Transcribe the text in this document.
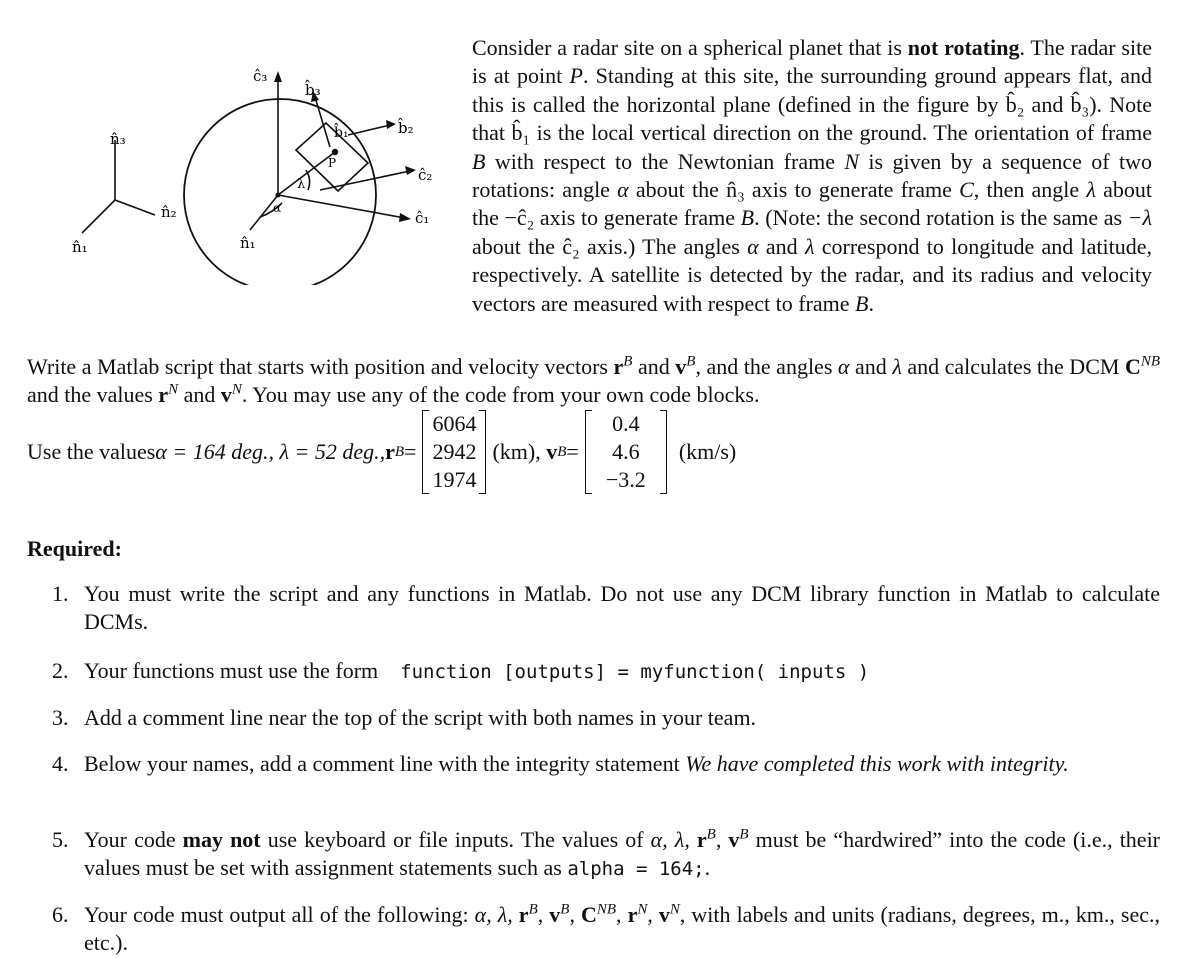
n̂₃
n̂₂
n̂₁
ĉ₃
b̂₃
b̂₁	b̂₂
ĉ₂
ĉ₁
P
α
λ
n̂₁
Consider a radar site on a spherical planet that is not rotating. The radar site is at point P. Standing at this site, the surrounding ground appears flat, and this is called the horizontal plane (defined in the figure by b̂₂ and b̂₃). Note that b̂₁ is the local vertical direction on the ground. The orientation of frame B with respect to the Newtonian frame N is given by a sequence of two rotations: angle α about the n̂₃ axis to generate frame C, then angle λ about the −ĉ₂ axis to generate frame B. (Note: the second rotation is the same as −λ about the ĉ₂ axis.) The angles α and λ correspond to longitude and latitude, respectively. A satellite is detected by the radar, and its radius and velocity vectors are measured with respect to frame B.
Write a Matlab script that starts with position and velocity vectors $r^B$ and $v^B$, and the angles α and λ and calculates the DCM $C^{NB}$ and the values $r^N$ and $v^N$. You may use any of the code from your own code blocks.
Use the values α = 164 deg., λ = 52 deg., r B =
6064
2942
1974
(km), v B =
0.4
4.6
−3.2
(km/s)
Required:
1. You must write the script and any functions in Matlab. Do not use any DCM library function in Matlab to calculate DCMs.
2. Your functions must use the form function [outputs] = myfunction( inputs )
3. Add a comment line near the top of the script with both names in your team.
4. Below your names, add a comment line with the integrity statement We have completed this work with integrity.
5. Your code may not use keyboard or file inputs. The values of α, λ, $r^B$, $v^B$ must be “hardwired” into the code (i.e., their values must be set with assignment statements such as alpha = 164;.
6. Your code must output all of the following: α, λ, $r^B$, $v^B$, $C^{NB}$, $r^N$, $v^N$, with labels and units (radians, degrees, m., km., sec., etc.).
